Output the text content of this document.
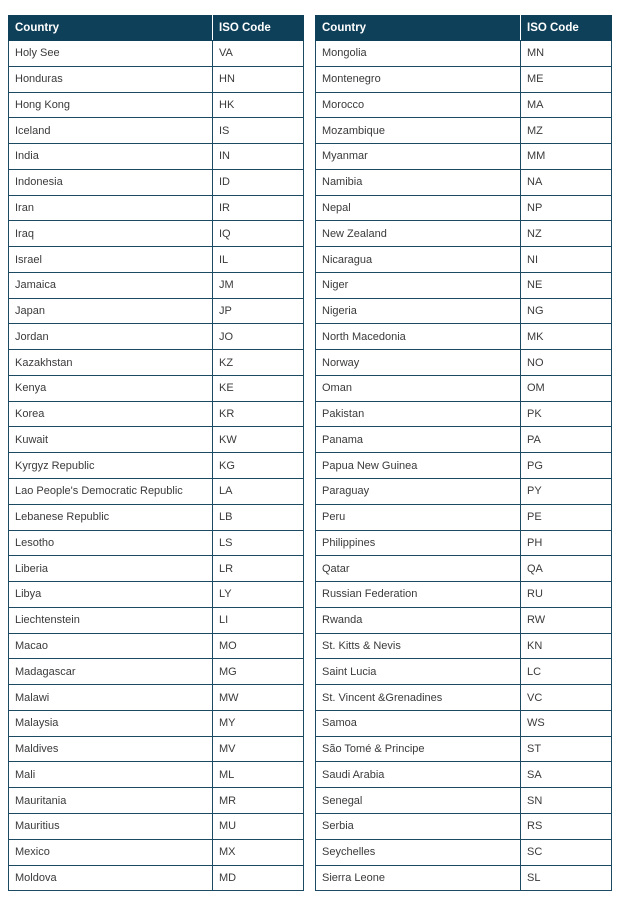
Country	ISO Code
Holy See	VA
Honduras	HN
Hong Kong	HK
Iceland	IS
India	IN
Indonesia	ID
Iran	IR
Iraq	IQ
Israel	IL
Jamaica	JM
Japan	JP
Jordan	JO
Kazakhstan	KZ
Kenya	KE
Korea	KR
Kuwait	KW
Kyrgyz Republic	KG
Lao People's Democratic Republic	LA
Lebanese Republic	LB
Lesotho	LS
Liberia	LR
Libya	LY
Liechtenstein	LI
Macao	MO
Madagascar	MG
Malawi	MW
Malaysia	MY
Maldives	MV
Mali	ML
Mauritania	MR
Mauritius	MU
Mexico	MX
Moldova	MD
Country	ISO Code
Mongolia	MN
Montenegro	ME
Morocco	MA
Mozambique	MZ
Myanmar	MM
Namibia	NA
Nepal	NP
New Zealand	NZ
Nicaragua	NI
Niger	NE
Nigeria	NG
North Macedonia	MK
Norway	NO
Oman	OM
Pakistan	PK
Panama	PA
Papua New Guinea	PG
Paraguay	PY
Peru	PE
Philippines	PH
Qatar	QA
Russian Federation	RU
Rwanda	RW
St. Kitts & Nevis	KN
Saint Lucia	LC
St. Vincent &Grenadines	VC
Samoa	WS
São Tomé & Principe	ST
Saudi Arabia	SA
Senegal	SN
Serbia	RS
Seychelles	SC
Sierra Leone	SL
